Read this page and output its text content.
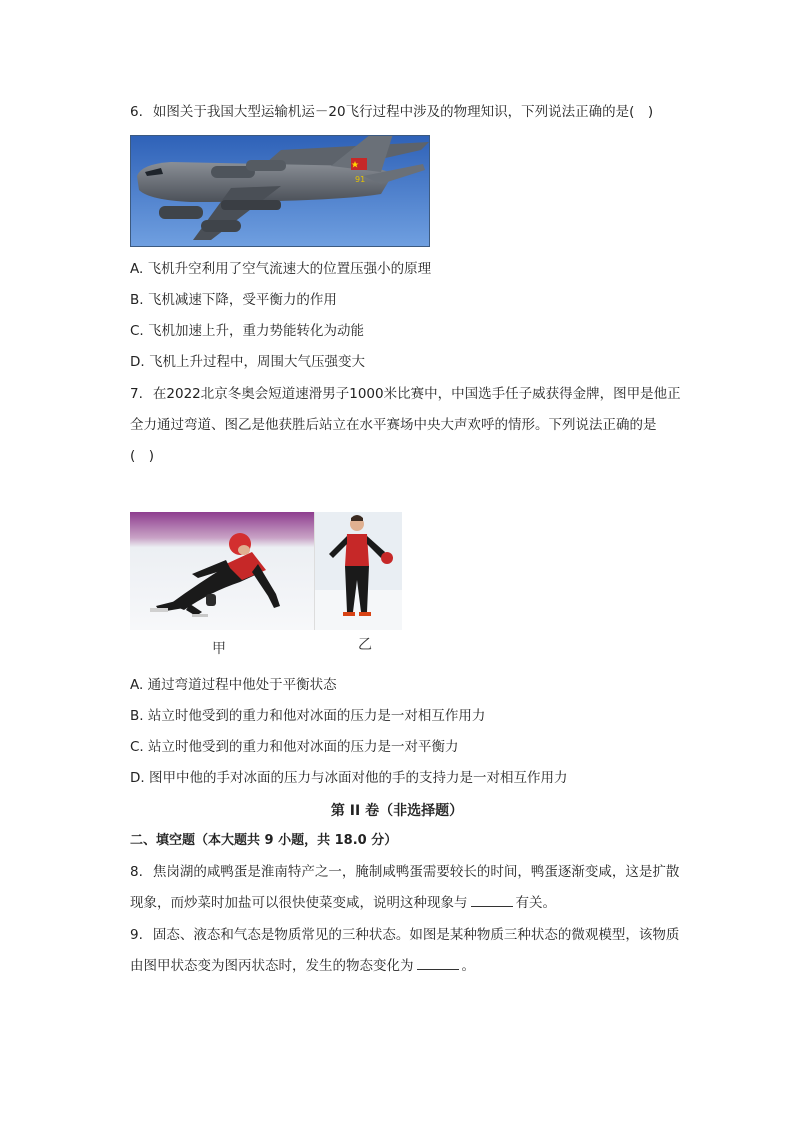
6. 如图关于我国大型运输机运－20飞行过程中涉及的物理知识，下列说法正确的是(　)
91
A. 飞机升空利用了空气流速大的位置压强小的原理
B. 飞机减速下降，受平衡力的作用
C. 飞机加速上升，重力势能转化为动能
D. 飞机上升过程中，周围大气压强变大
7. 在2022北京冬奥会短道速滑男子1000米比赛中，中国选手任子威获得金牌，图甲是他正
全力通过弯道、图乙是他获胜后站立在水平赛场中央大声欢呼的情形。下列说法正确的是
(　)
甲	乙
A. 通过弯道过程中他处于平衡状态
B. 站立时他受到的重力和他对冰面的压力是一对相互作用力
C. 站立时他受到的重力和他对冰面的压力是一对平衡力
D. 图甲中他的手对冰面的压力与冰面对他的手的支持力是一对相互作用力
第 II 卷（非选择题）
二、填空题（本大题共 9 小题，共 18.0 分）
8. 焦岗湖的咸鸭蛋是淮南特产之一，腌制咸鸭蛋需要较长的时间，鸭蛋逐渐变咸，这是扩散
现象，而炒菜时加盐可以很快使菜变咸，说明这种现象与	有关。
9. 固态、液态和气态是物质常见的三种状态。如图是某种物质三种状态的微观模型，该物质
由图甲状态变为图丙状态时，发生的物态变化为	。
